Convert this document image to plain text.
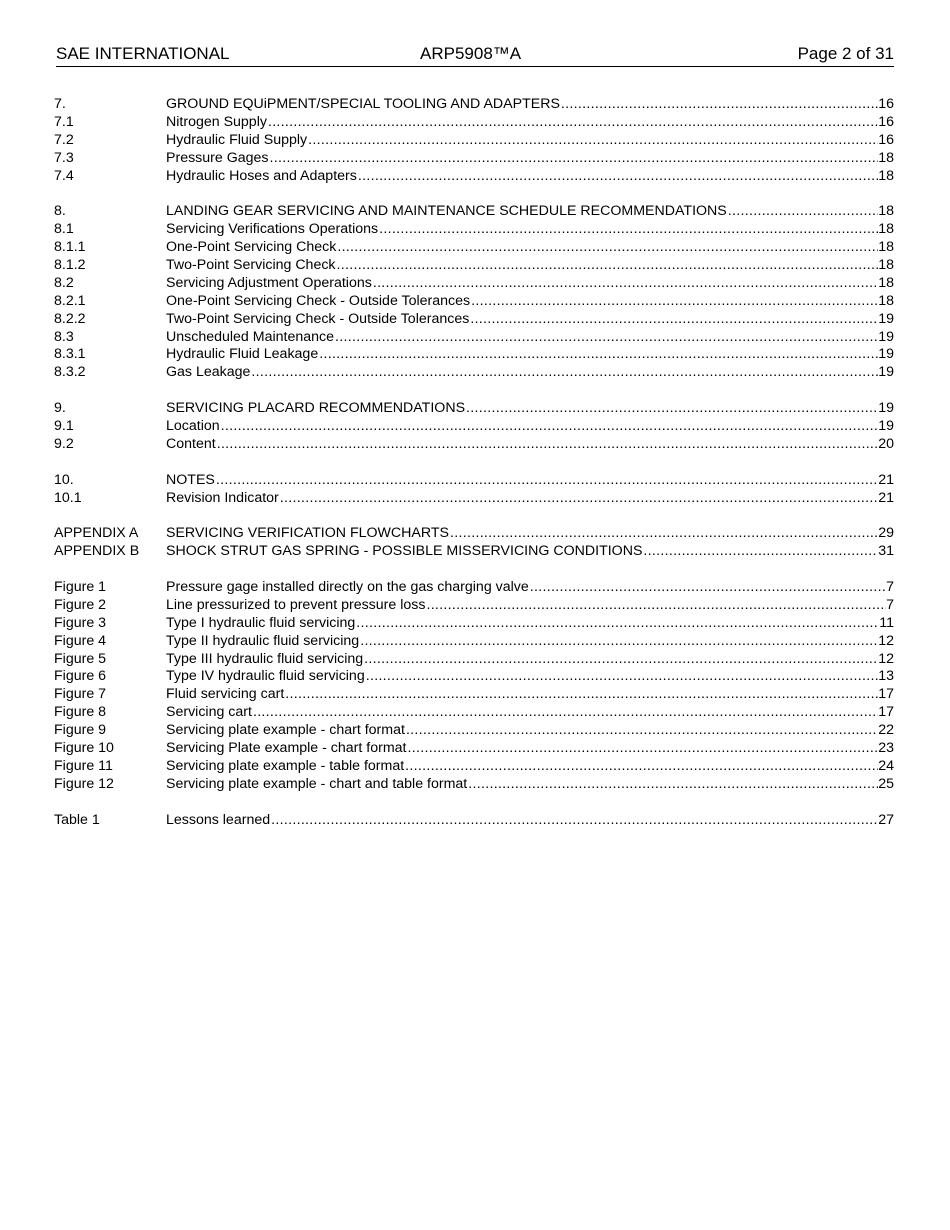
SAE INTERNATIONAL	ARP5908™A	Page 2 of 31
7.	GROUND EQUiPMENT/SPECIAL TOOLING AND ADAPTERS .....	16
7.1	Nitrogen Supply .....	16
7.2	Hydraulic Fluid Supply .....	16
7.3	Pressure Gages .....	18
7.4	Hydraulic Hoses and Adapters .....	18
8.	LANDING GEAR SERVICING AND MAINTENANCE SCHEDULE RECOMMENDATIONS .....	18
8.1	Servicing Verifications Operations .....	18
8.1.1	One-Point Servicing Check .....	18
8.1.2	Two-Point Servicing Check .....	18
8.2	Servicing Adjustment Operations .....	18
8.2.1	One-Point Servicing Check - Outside Tolerances .....	18
8.2.2	Two-Point Servicing Check - Outside Tolerances .....	19
8.3	Unscheduled Maintenance .....	19
8.3.1	Hydraulic Fluid Leakage .....	19
8.3.2	Gas Leakage .....	19
9.	SERVICING PLACARD RECOMMENDATIONS .....	19
9.1	Location .....	19
9.2	Content .....	20
10.	NOTES .....	21
10.1	Revision Indicator .....	21
APPENDIX A	SERVICING VERIFICATION FLOWCHARTS .....	29
APPENDIX B	SHOCK STRUT GAS SPRING - POSSIBLE MISSERVICING CONDITIONS .....	31
Figure 1	Pressure gage installed directly on the gas charging valve .....	7
Figure 2	Line pressurized to prevent pressure loss .....	7
Figure 3	Type I hydraulic fluid servicing .....	11
Figure 4	Type II hydraulic fluid servicing .....	12
Figure 5	Type III hydraulic fluid servicing .....	12
Figure 6	Type IV hydraulic fluid servicing .....	13
Figure 7	Fluid servicing cart .....	17
Figure 8	Servicing cart .....	17
Figure 9	Servicing plate example - chart format .....	22
Figure 10	Servicing Plate example - chart format .....	23
Figure 11	Servicing plate example - table format .....	24
Figure 12	Servicing plate example - chart and table format .....	25
Table 1	Lessons learned .....	27
